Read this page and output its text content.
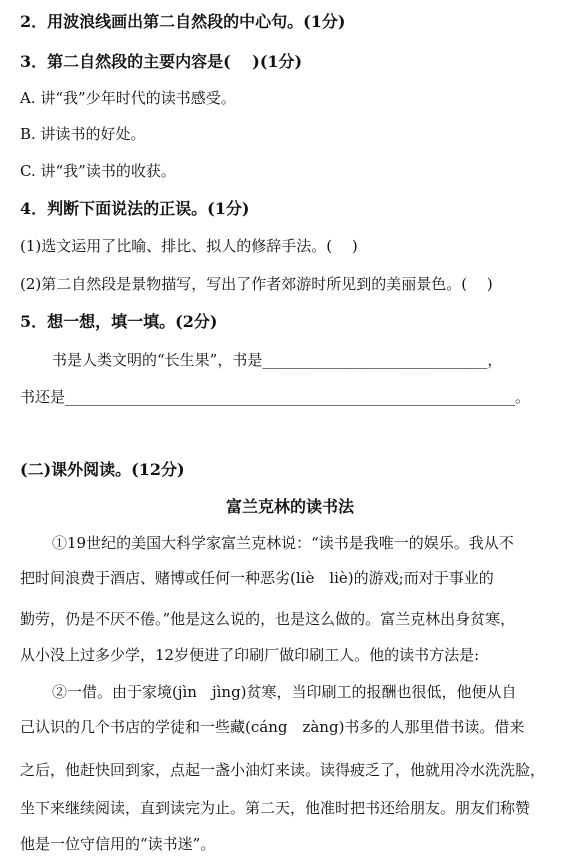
2．用波浪线画出第二自然段的中心句。(1分)
3．第二自然段的主要内容是(　 )(1分)
A. 讲“我”少年时代的读书感受。
B. 讲读书的好处。
C. 讲“我”读书的收获。
4．判断下面说法的正误。(1分)
(1)选文运用了比喻、排比、拟人的修辞手法。(　 )
(2)第二自然段是景物描写，写出了作者郊游时所见到的美丽景色。(　 )
5．想一想，填一填。(2分)
书是人类文明的“长生果”，书是______________________________，
书还是____________________________________________________________。
(二)课外阅读。(12分)
富兰克林的读书法
①19世纪的美国大科学家富兰克林说：“读书是我唯一的娱乐。我从不
把时间浪费于酒店、赌博或任何一种恶劣(liè　liè)的游戏;而对于事业的
勤劳，仍是不厌不倦。”他是这么说的，也是这么做的。富兰克林出身贫寒，
从小没上过多少学，12岁便进了印刷厂做印刷工人。他的读书方法是:
②一借。由于家境(jìn　jìng)贫寒，当印刷工的报酬也很低，他便从自
己认识的几个书店的学徒和一些藏(cáng　zàng)书多的人那里借书读。借来
之后，他赶快回到家，点起一盏小油灯来读。读得疲乏了，他就用冷水洗洗脸，
坐下来继续阅读，直到读完为止。第二天，他准时把书还给朋友。朋友们称赞
他是一位守信用的“读书迷”。
